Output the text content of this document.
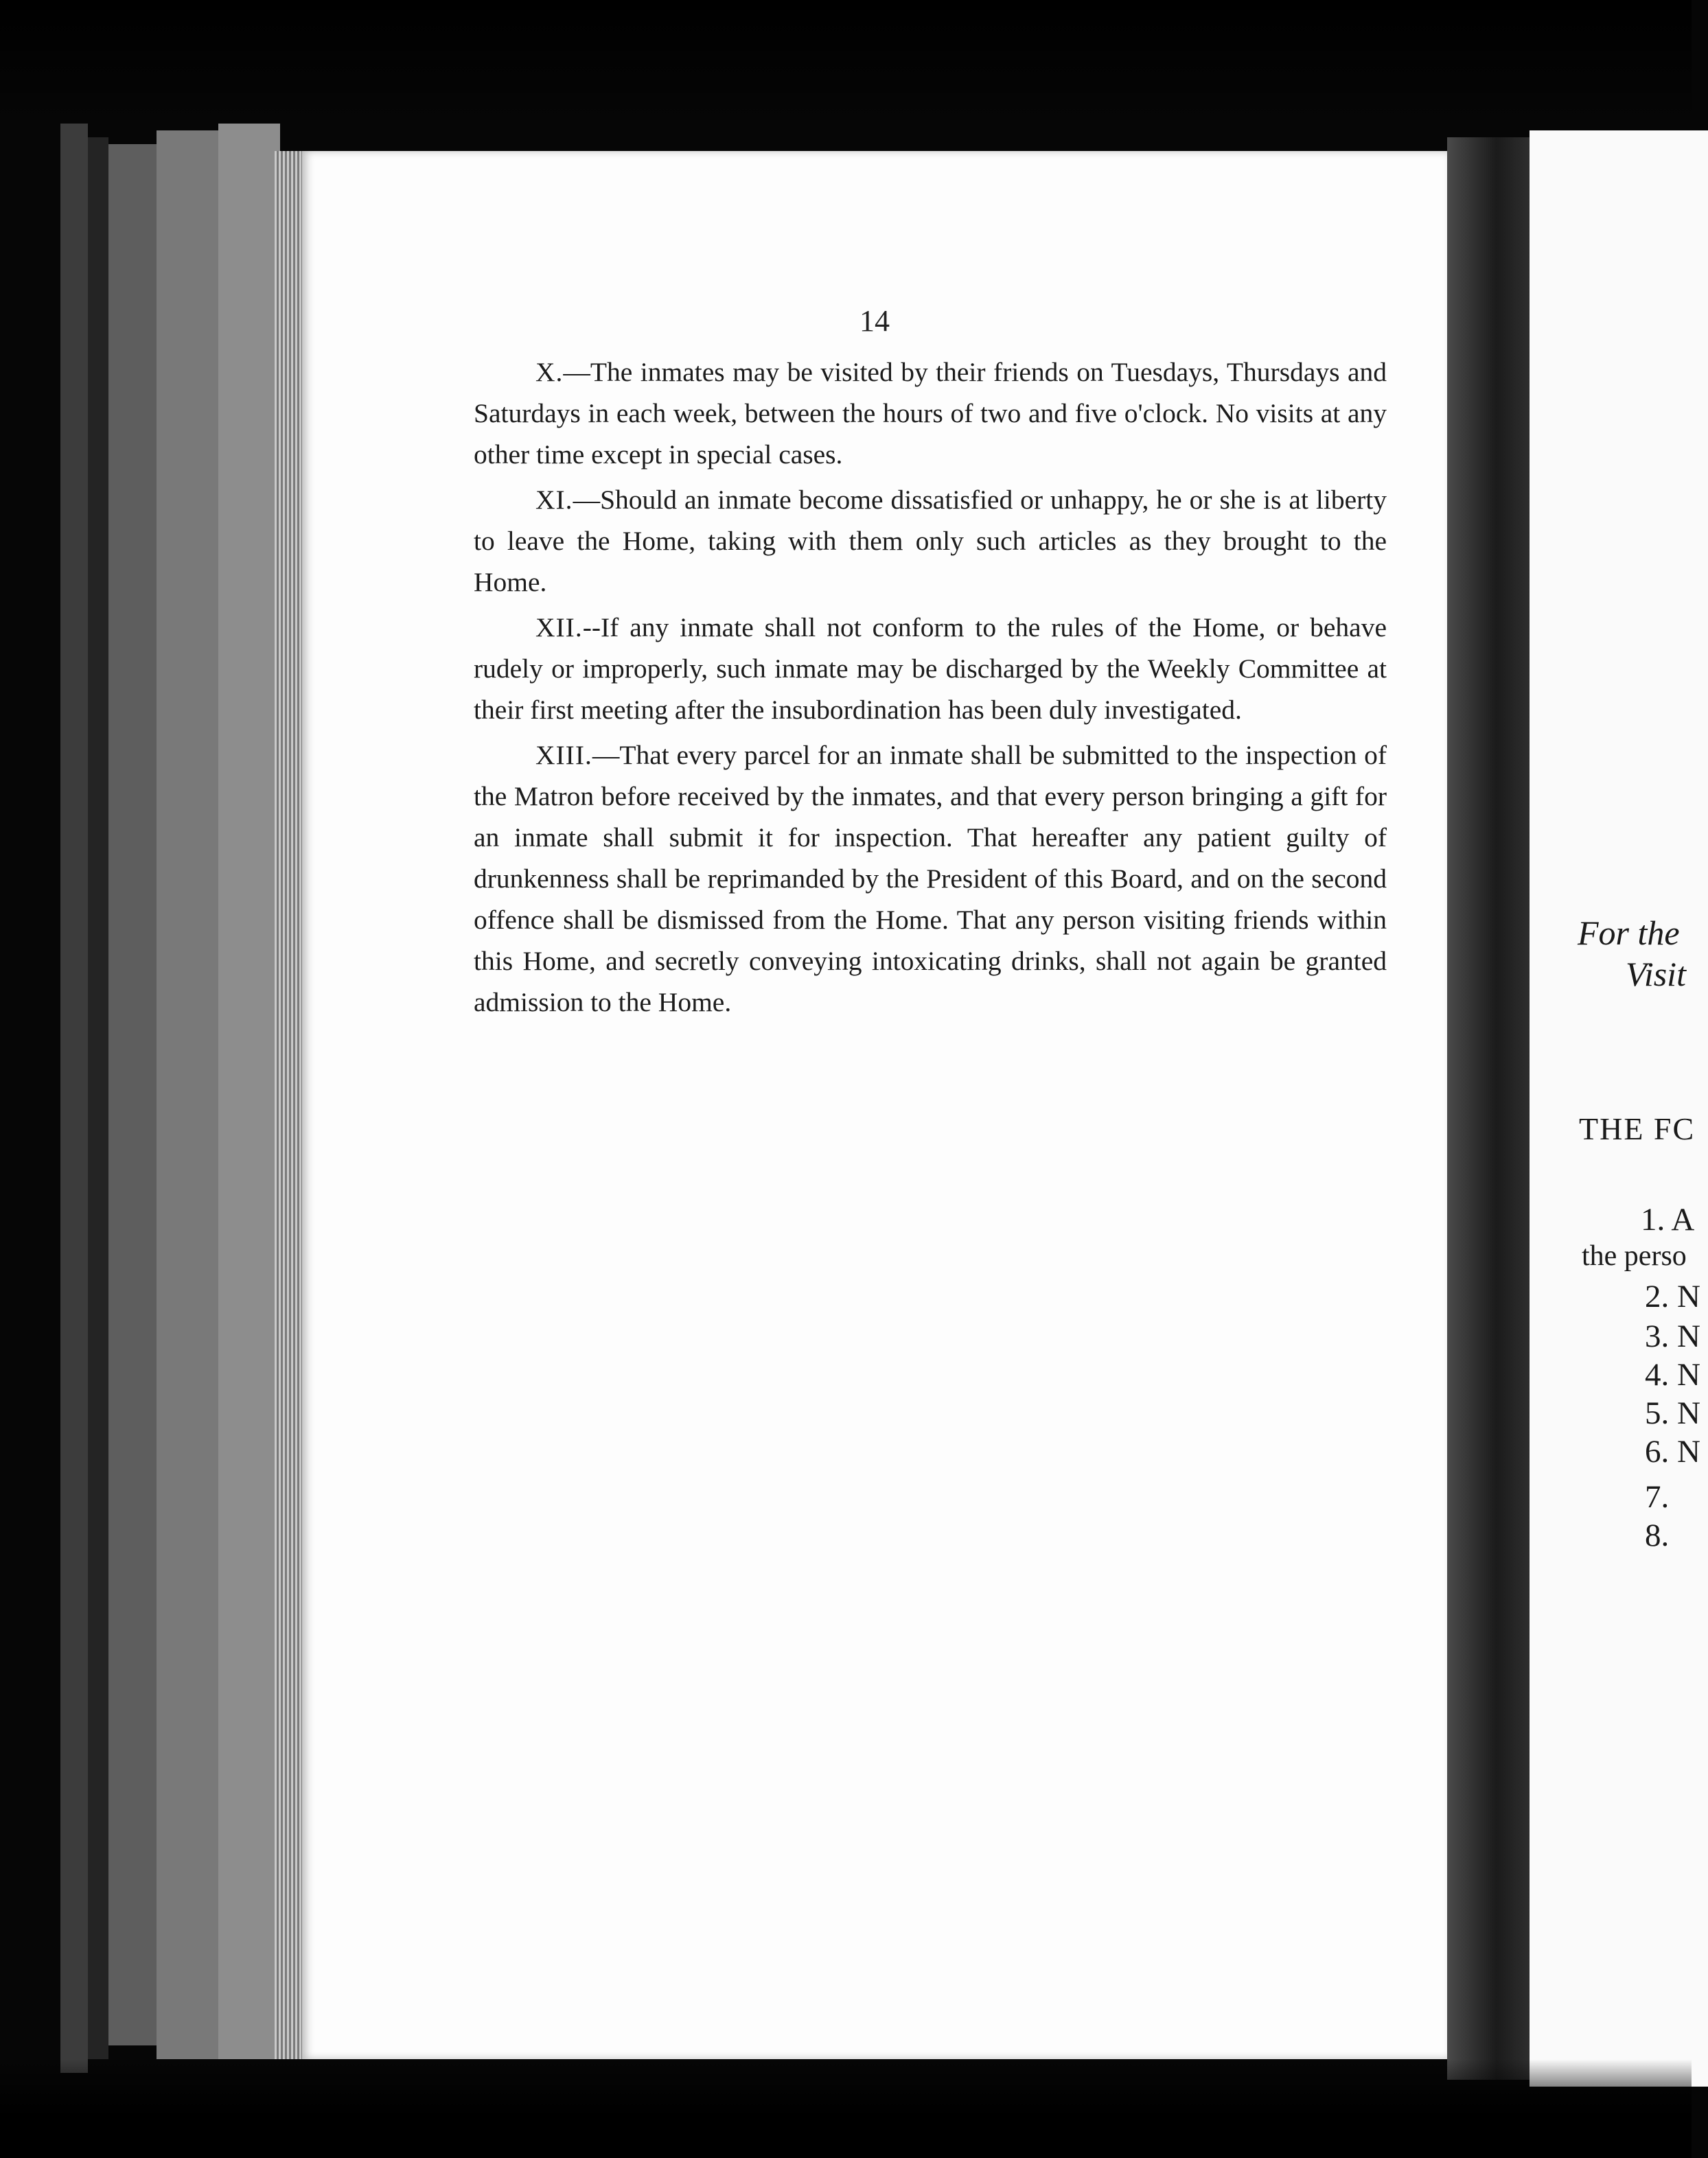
14

X.—The inmates may be visited by their friends on Tuesdays, Thursdays and Saturdays in each week, between the hours of two and five o'clock. No visits at any other time except in special cases.

XI.—Should an inmate become dissatisfied or unhappy, he or she is at liberty to leave the Home, taking with them only such articles as they brought to the Home.

XII.--If any inmate shall not conform to the rules of the Home, or behave rudely or improperly, such inmate may be discharged by the Weekly Committee at their first meeting after the insubordination has been duly investigated.

XIII.—That every parcel for an inmate shall be submitted to the inspection of the Matron before received by the inmates, and that every person bringing a gift for an inmate shall submit it for inspection. That hereafter any patient guilty of drunkenness shall be reprimanded by the President of this Board, and on the second offence shall be dismissed from the Home. That any person visiting friends within this Home, and secretly conveying intoxicating drinks, shall not again be granted admission to the Home.

For the
Visit
THE FC
1. A
the perso
2. N
3. N
4. N
5. N
6. N
7.
8.
